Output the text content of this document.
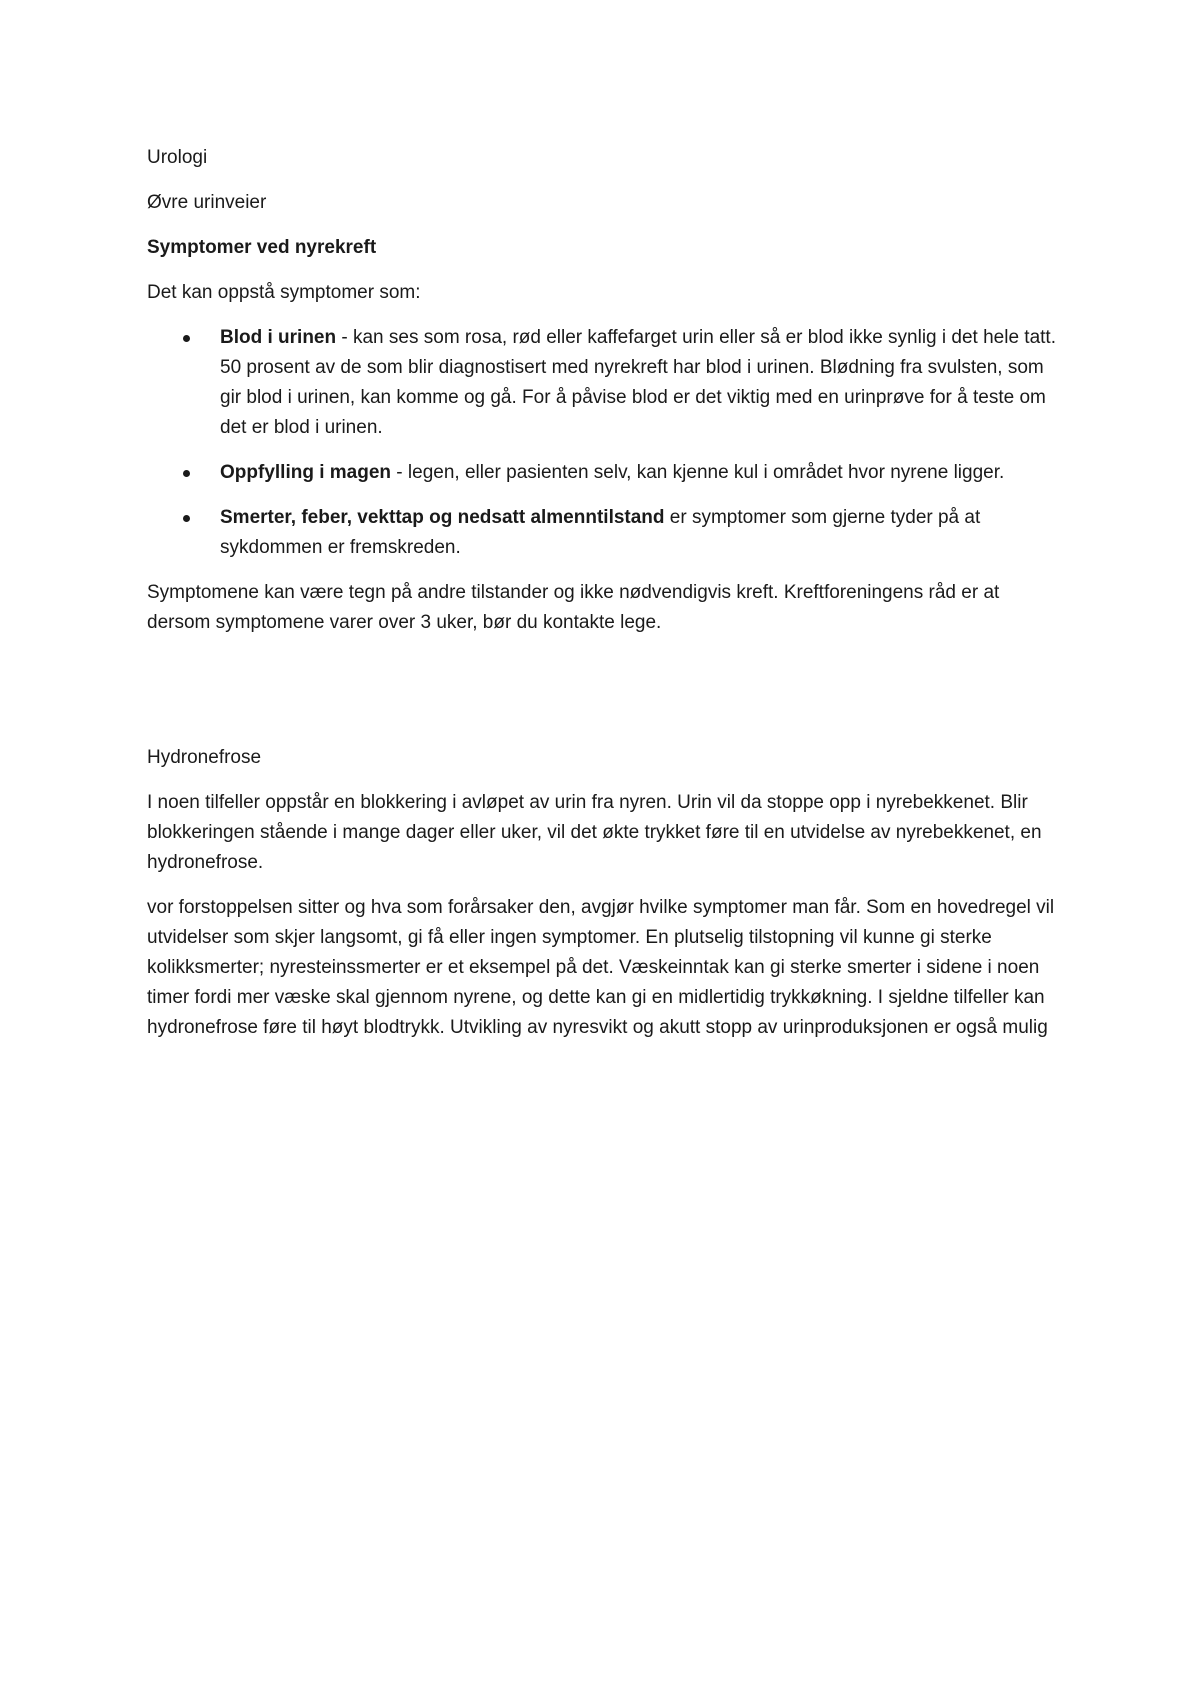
Urologi

Øvre urinveier

Symptomer ved nyrekreft

Det kan oppstå symptomer som:

Blod i urinen - kan ses som rosa, rød eller kaffefarget urin eller så er blod ikke synlig i det hele tatt. 50 prosent av de som blir diagnostisert med nyrekreft har blod i urinen. Blødning fra svulsten, som gir blod i urinen, kan komme og gå. For å påvise blod er det viktig med en urinprøve for å teste om det er blod i urinen.
Oppfylling i magen - legen, eller pasienten selv, kan kjenne kul i området hvor nyrene ligger.
Smerter, feber, vekttap og nedsatt almenntilstand er symptomer som gjerne tyder på at sykdommen er fremskreden.

Symptomene kan være tegn på andre tilstander og ikke nødvendigvis kreft. Kreftforeningens råd er at dersom symptomene varer over 3 uker, bør du kontakte lege.

Hydronefrose

I noen tilfeller oppstår en blokkering i avløpet av urin fra nyren. Urin vil da stoppe opp i nyrebekkenet. Blir blokkeringen stående i mange dager eller uker, vil det økte trykket føre til en utvidelse av nyrebekkenet, en hydronefrose.

vor forstoppelsen sitter og hva som forårsaker den, avgjør hvilke symptomer man får. Som en hovedregel vil utvidelser som skjer langsomt, gi få eller ingen symptomer. En plutselig tilstopning vil kunne gi sterke kolikksmerter; nyresteinssmerter er et eksempel på det. Væskeinntak kan gi sterke smerter i sidene i noen timer fordi mer væske skal gjennom nyrene, og dette kan gi en midlertidig trykkøkning. I sjeldne tilfeller kan hydronefrose føre til høyt blodtrykk. Utvikling av nyresvikt og akutt stopp av urinproduksjonen er også mulig
